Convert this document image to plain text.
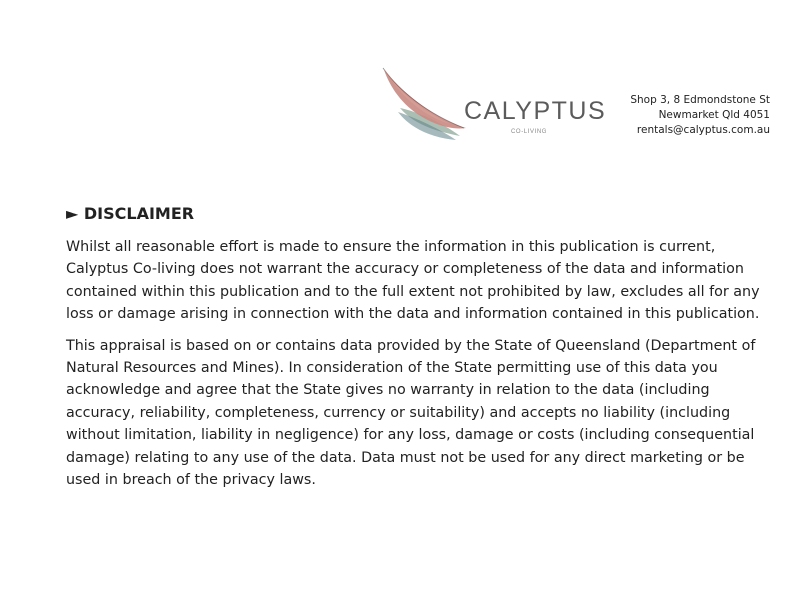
CALYPTUS
CO-LIVING
Shop 3, 8 Edmondstone St
Newmarket Qld 4051
rentals@calyptus.com.au
► DISCLAIMER

Whilst all reasonable effort is made to ensure the information in this publication is current, Calyptus Co-living does not warrant the accuracy or completeness of the data and information contained within this publication and to the full extent not prohibited by law, excludes all for any loss or damage arising in connection with the data and information contained in this publication.

This appraisal is based on or contains data provided by the State of Queensland (Department of Natural Resources and Mines). In consideration of the State permitting use of this data you acknowledge and agree that the State gives no warranty in relation to the data (including accuracy, reliability, completeness, currency or suitability) and accepts no liability (including without limitation, liability in negligence) for any loss, damage or costs (including consequential damage) relating to any use of the data. Data must not be used for any direct marketing or be used in breach of the privacy laws.
